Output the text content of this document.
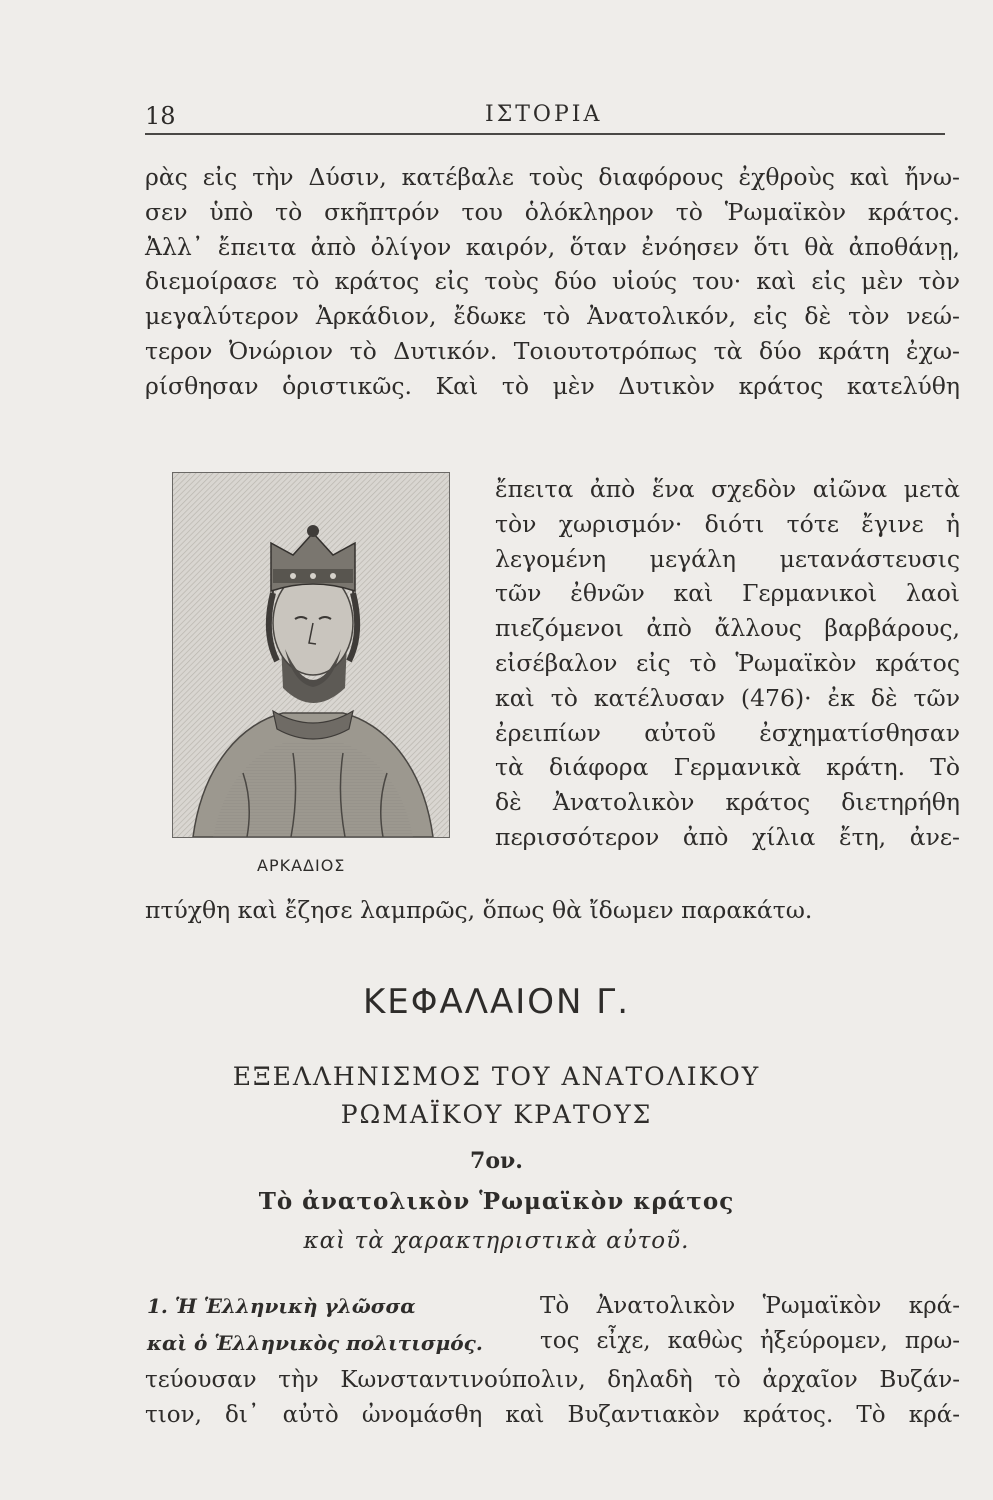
18	ΙΣΤΟΡΙΑ
ρὰς εἰς τὴν Δύσιν, κατέβαλε τοὺς διαφόρους ἐχθροὺς καὶ ἤνω-
σεν ὑπὸ τὸ σκῆπτρόν του ὁλόκληρον τὸ Ῥωμαϊκὸν κράτος.
Ἀλλ᾽ ἔπειτα ἀπὸ ὀλίγον καιρόν, ὅταν ἐνόησεν ὅτι θὰ ἀποθάνῃ,
διεμοίρασε τὸ κράτος εἰς τοὺς δύο υἱούς του· καὶ εἰς μὲν τὸν
μεγαλύτερον Ἀρκάδιον, ἔδωκε τὸ Ἀνατολικόν, εἰς δὲ τὸν νεώ-
τερον Ὀνώριον τὸ Δυτικόν. Τοιουτοτρόπως τὰ δύο κράτη ἐχω-
ρίσθησαν ὁριστικῶς. Καὶ τὸ μὲν Δυτικὸν κράτος κατελύθη
ΑΡΚΑΔΙΟΣ
ἔπειτα ἀπὸ ἕνα σχεδὸν αἰῶνα μετὰ
τὸν χωρισμόν· διότι τότε ἔγινε ἡ
λεγομένη μεγάλη μετανάστευσις
τῶν ἐθνῶν καὶ Γερμανικοὶ λαοὶ
πιεζόμενοι ἀπὸ ἄλλους βαρβάρους,
εἰσέβαλον εἰς τὸ Ῥωμαϊκὸν κράτος
καὶ τὸ κατέλυσαν (476)· ἐκ δὲ τῶν
ἐρειπίων αὐτοῦ ἐσχηματίσθησαν
τὰ διάφορα Γερμανικὰ κράτη. Τὸ
δὲ Ἀνατολικὸν κράτος διετηρήθη
περισσότερον ἀπὸ χίλια ἔτη, ἀνε-
πτύχθη καὶ ἔζησε λαμπρῶς, ὅπως θὰ ἴδωμεν παρακάτω.
ΚΕΦΑΛΑΙΟΝ Γ.
ΕΞΕΛΛΗΝΙΣΜΟΣ ΤΟΥ ΑΝΑΤΟΛΙΚΟΥ
ΡΩΜΑΪΚΟΥ ΚΡΑΤΟΥΣ
7ον.
Τὸ ἀνατολικὸν Ῥωμαϊκὸν κράτος
καὶ τὰ χαρακτηριστικὰ αὐτοῦ.
1. Ἡ Ἑλληνικὴ γλῶσσα
καὶ ὁ Ἑλληνικὸς πολιτισμός.
Τὸ Ἀνατολικὸν Ῥωμαϊκὸν κρά-
τος εἶχε, καθὼς ἠξεύρομεν, πρω-
τεύουσαν τὴν Κωνσταντινούπολιν, δηλαδὴ τὸ ἀρχαῖον Βυζάν-
τιον, δι᾽ αὐτὸ ὠνομάσθη καὶ Βυζαντιακὸν κράτος. Τὸ κρά-
